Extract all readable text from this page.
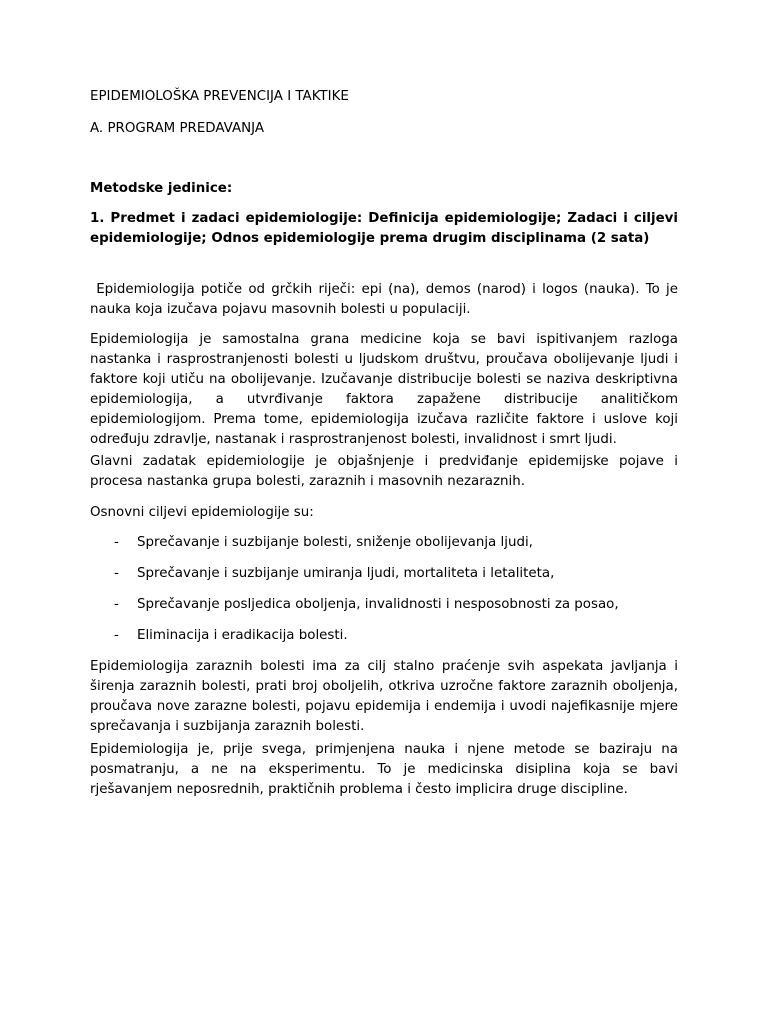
EPIDEMIOLOŠKA PREVENCIJA I TAKTIKE
A. PROGRAM PREDAVANJA
Metodske jedinice:

1. Predmet i zadaci epidemiologije: Definicija epidemiologije; Zadaci i ciljevi epidemiologije; Odnos epidemiologije prema drugim disciplinama (2 sata)

Epidemiologija potiče od grčkih riječi: epi (na), demos (narod) i logos (nauka). To je nauka koja izučava pojavu masovnih bolesti u populaciji.

Epidemiologija je samostalna grana medicine koja se bavi ispitivanjem razloga nastanka i rasprostranjenosti bolesti u ljudskom društvu, proučava obolijevanje ljudi i faktore koji utiču na obolijevanje. Izučavanje distribucije bolesti se naziva deskriptivna epidemiologija, a utvrđivanje faktora zapažene distribucije analitičkom epidemiologijom. Prema tome, epidemiologija izučava različite faktore i uslove koji određuju zdravlje, nastanak i rasprostranjenost bolesti, invalidnost i smrt ljudi.

Glavni zadatak epidemiologije je objašnjenje i predviđanje epidemijske pojave i procesa nastanka grupa bolesti, zaraznih i masovnih nezaraznih.

Osnovni ciljevi epidemiologije su:

- Sprečavanje i suzbijanje bolesti, sniženje obolijevanja ljudi,
- Sprečavanje i suzbijanje umiranja ljudi, mortaliteta i letaliteta,
- Sprečavanje posljedica oboljenja, invalidnosti i nesposobnosti za posao,
- Eliminacija i eradikacija bolesti.

Epidemiologija zaraznih bolesti ima za cilj stalno praćenje svih aspekata javljanja i širenja zaraznih bolesti, prati broj oboljelih, otkriva uzročne faktore zaraznih oboljenja, proučava nove zarazne bolesti, pojavu epidemija i endemija i uvodi najefikasnije mjere sprečavanja i suzbijanja zaraznih bolesti.

Epidemiologija je, prije svega, primjenjena nauka i njene metode se baziraju na posmatranju, a ne na eksperimentu. To je medicinska disiplina koja se bavi rješavanjem neposrednih, praktičnih problema i često implicira druge discipline.
